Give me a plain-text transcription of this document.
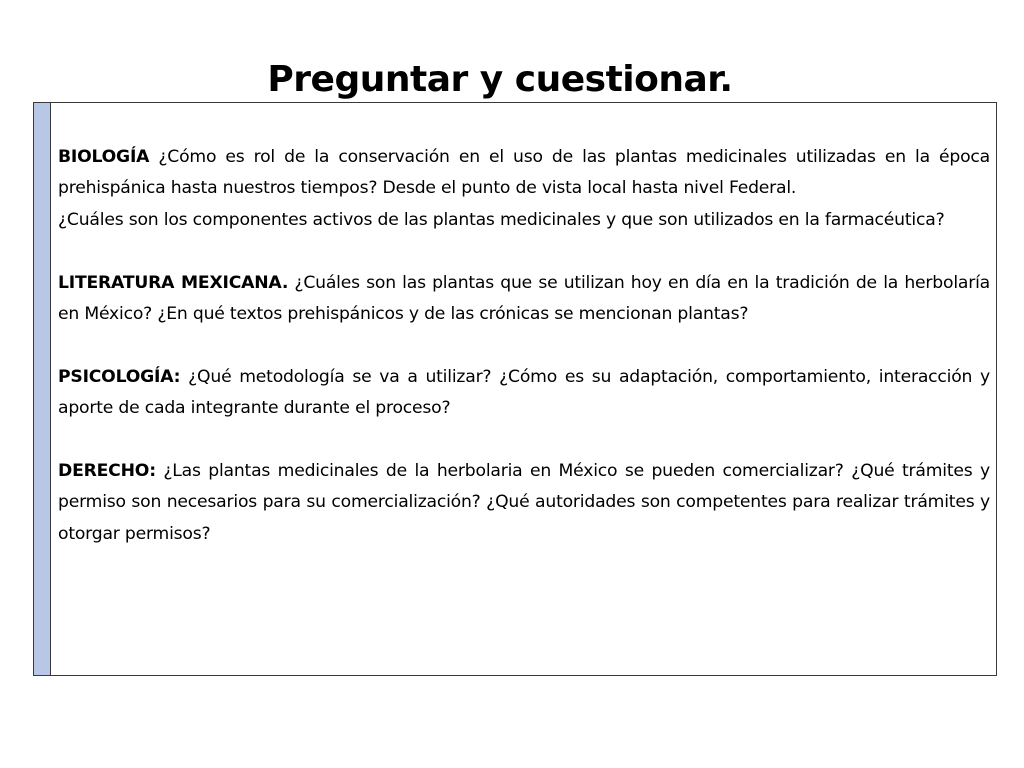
Preguntar y cuestionar.

BIOLOGÍA ¿Cómo es rol de la conservación en el uso de las plantas medicinales utilizadas en la época prehispánica hasta nuestros tiempos? Desde el punto de vista local hasta nivel Federal.

¿Cuáles son los componentes activos de las plantas medicinales y que son utilizados en la farmacéutica?

LITERATURA MEXICANA. ¿Cuáles son las plantas que se utilizan hoy en día en la tradición de la herbolaría en México? ¿En qué textos prehispánicos y de las crónicas se mencionan plantas?

PSICOLOGÍA: ¿Qué metodología se va a utilizar? ¿Cómo es su adaptación, comportamiento, interacción y aporte de cada integrante durante el proceso?

DERECHO: ¿Las plantas medicinales de la herbolaria en México se pueden comercializar? ¿Qué trámites y permiso son necesarios para su comercialización? ¿Qué autoridades son competentes para realizar trámites y otorgar permisos?
